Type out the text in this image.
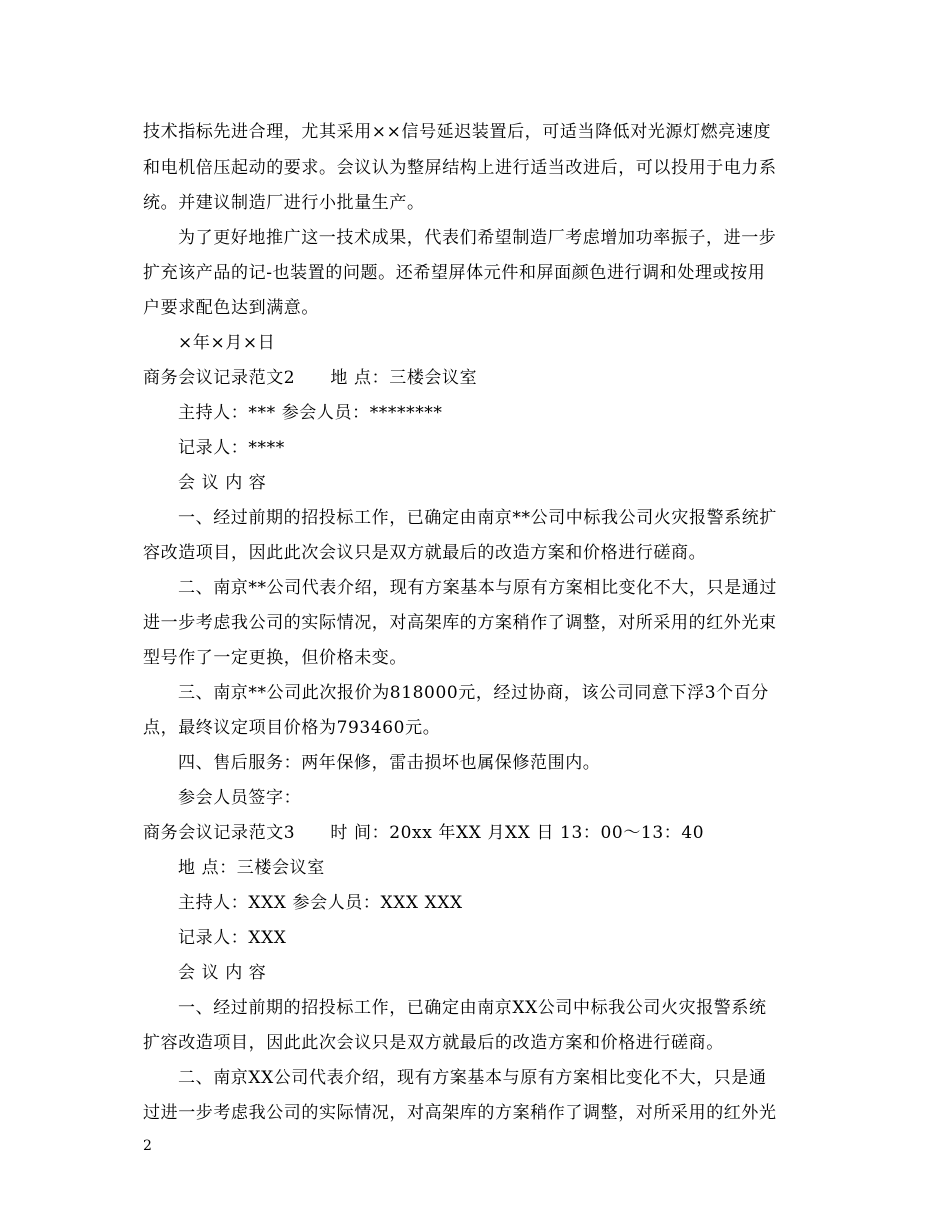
技术指标先进合理，尤其采用××信号延迟装置后，可适当降低对光源灯燃亮速度
和电机倍压起动的要求。会议认为整屏结构上进行适当改进后，可以投用于电力系
统。并建议制造厂进行小批量生产。
为了更好地推广这一技术成果，代表们希望制造厂考虑增加功率振子，进一步
扩充该产品的记-也装置的问题。还希望屏体元件和屏面颜色进行调和处理或按用
户要求配色达到满意。
×年×月×日
商务会议记录范文2　　地 点：三楼会议室
主持人：*** 参会人员：********
记录人：****
会 议 内 容
一、经过前期的招投标工作，已确定由南京**公司中标我公司火灾报警系统扩
容改造项目，因此此次会议只是双方就最后的改造方案和价格进行磋商。
二、南京**公司代表介绍，现有方案基本与原有方案相比变化不大，只是通过
进一步考虑我公司的实际情况，对高架库的方案稍作了调整，对所采用的红外光束
型号作了一定更换，但价格未变。
三、南京**公司此次报价为818000元，经过协商，该公司同意下浮3个百分
点，最终议定项目价格为793460元。
四、售后服务：两年保修，雷击损坏也属保修范围内。
参会人员签字：
商务会议记录范文3　　时 间：20xx 年XX 月XX 日 13：00～13：40
地 点：三楼会议室
主持人：XXX 参会人员：XXX XXX
记录人：XXX
会 议 内 容
一、经过前期的招投标工作，已确定由南京XX公司中标我公司火灾报警系统
扩容改造项目，因此此次会议只是双方就最后的改造方案和价格进行磋商。
二、南京XX公司代表介绍，现有方案基本与原有方案相比变化不大，只是通
过进一步考虑我公司的实际情况，对高架库的方案稍作了调整，对所采用的红外光
2
